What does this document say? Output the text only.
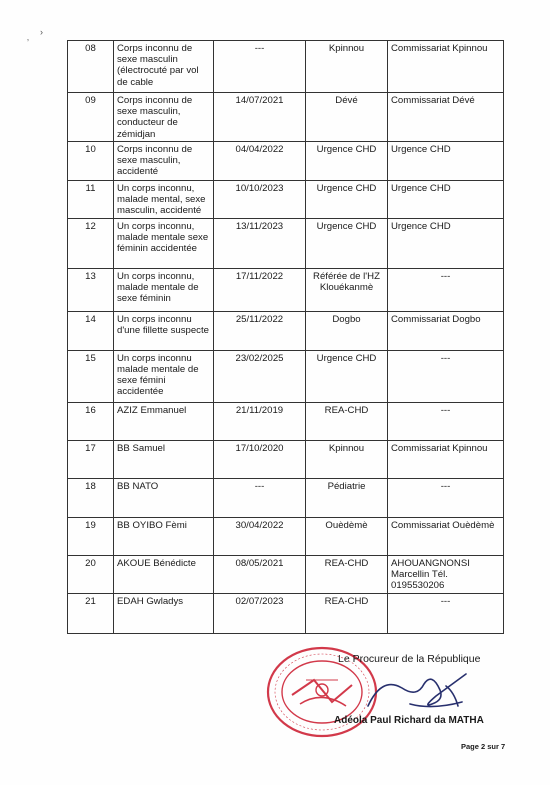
ʼ
›
08	Corps inconnu de sexe masculin (électrocuté par vol de cable	---	Kpinnou	Commissariat Kpinnou
09	Corps inconnu de sexe masculin, conducteur de zémidjan	14/07/2021	Dévé	Commissariat Dévé
10	Corps inconnu de sexe masculin, accidenté	04/04/2022	Urgence CHD	Urgence CHD
11	Un corps inconnu, malade mental, sexe masculin, accidenté	10/10/2023	Urgence CHD	Urgence CHD
12	Un corps inconnu, malade mentale sexe féminin accidentée	13/11/2023	Urgence CHD	Urgence CHD
13	Un corps inconnu, malade mentale de sexe féminin	17/11/2022	Référée de l'HZ Klouékanmè	---
14	Un corps inconnu d'une fillette suspecte	25/11/2022	Dogbo	Commissariat Dogbo
15	Un corps inconnu malade mentale de sexe fémini accidentée	23/02/2025	Urgence CHD	---
16	AZIZ Emmanuel	21/11/2019	REA-CHD	---
17	BB Samuel	17/10/2020	Kpinnou	Commissariat Kpinnou
18	BB NATO	---	Pédiatrie	---
19	BB OYIBO Fèmi	30/04/2022	Ouèdèmè	Commissariat Ouèdèmè
20	AKOUE Bénédicte	08/05/2021	REA-CHD	AHOUANGNONSI Marcellin Tél. 0195530206
21	EDAH Gwladys	02/07/2023	REA-CHD	---
Le Procureur de la République
Adéola Paul Richard da MATHA
Page 2 sur 7
